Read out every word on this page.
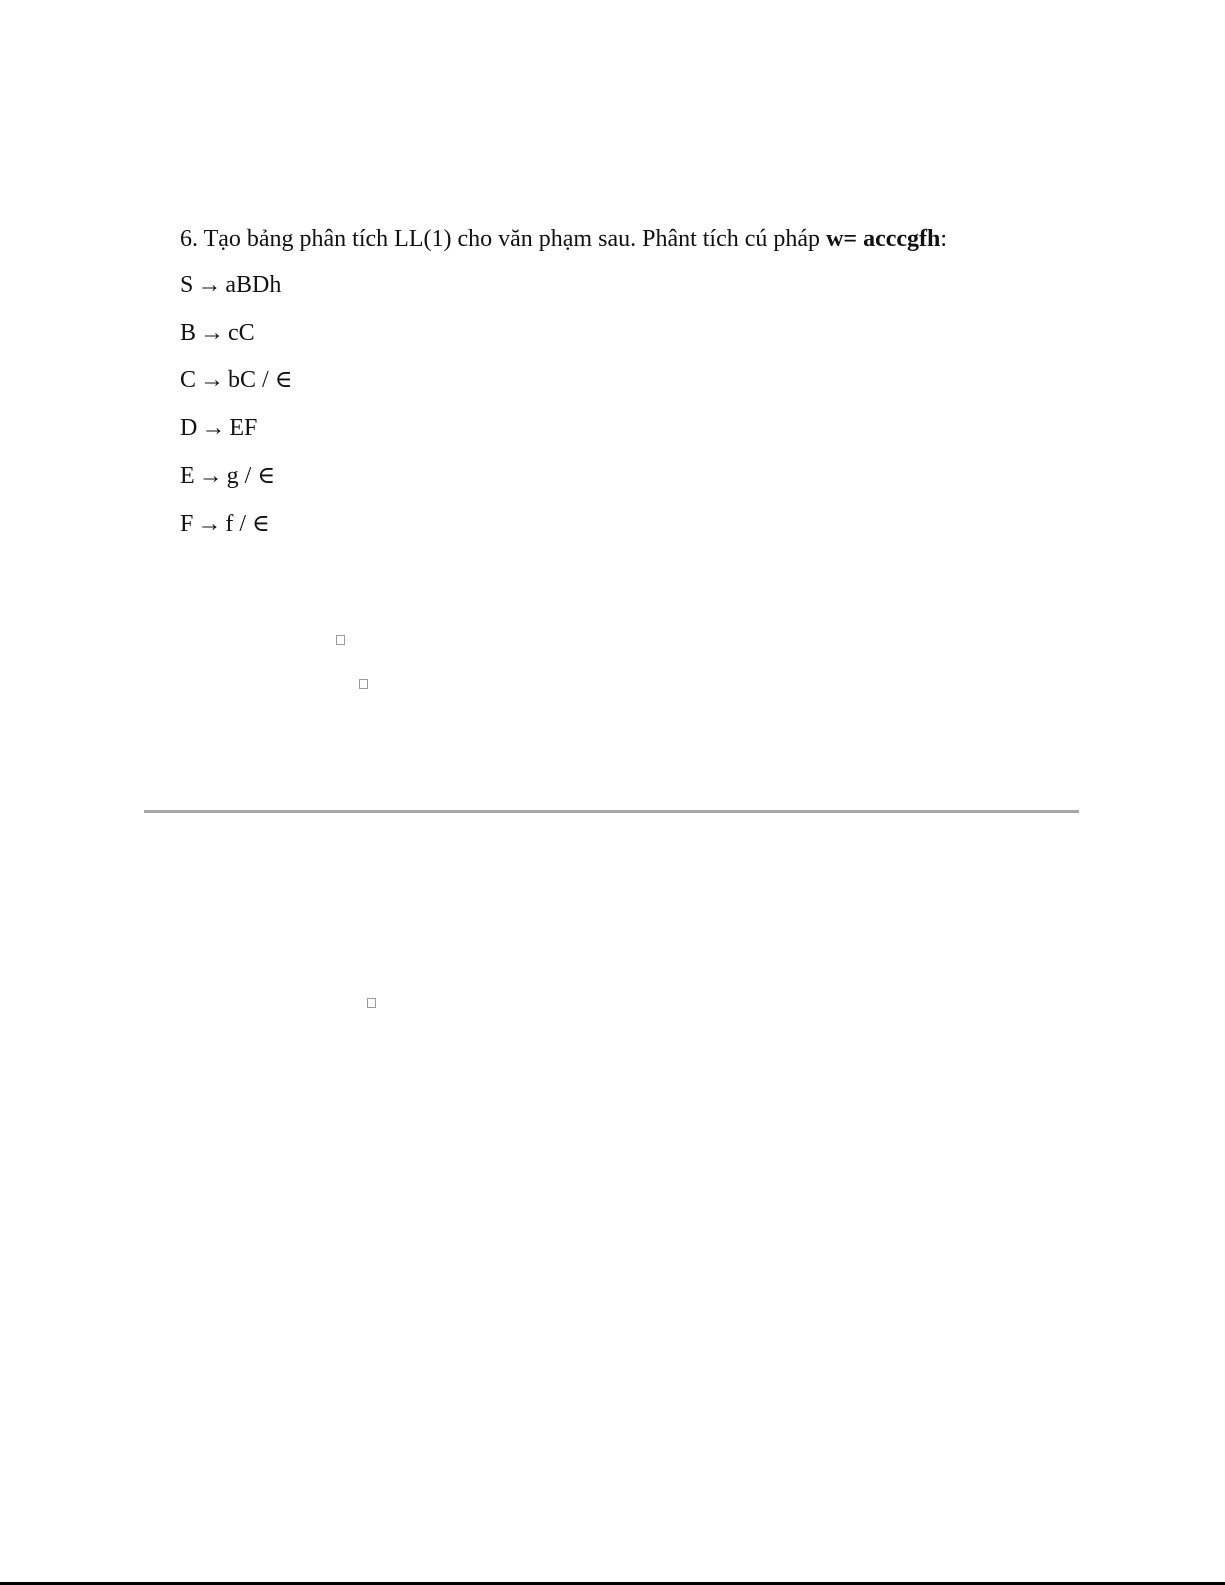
6. Tạo bảng phân tích LL(1) cho văn phạm sau. Phânt tích cú pháp w= acccgfh:
S → aBDh
B → cC
C → bC / ∈
D → EF
E → g / ∈
F → f / ∈
